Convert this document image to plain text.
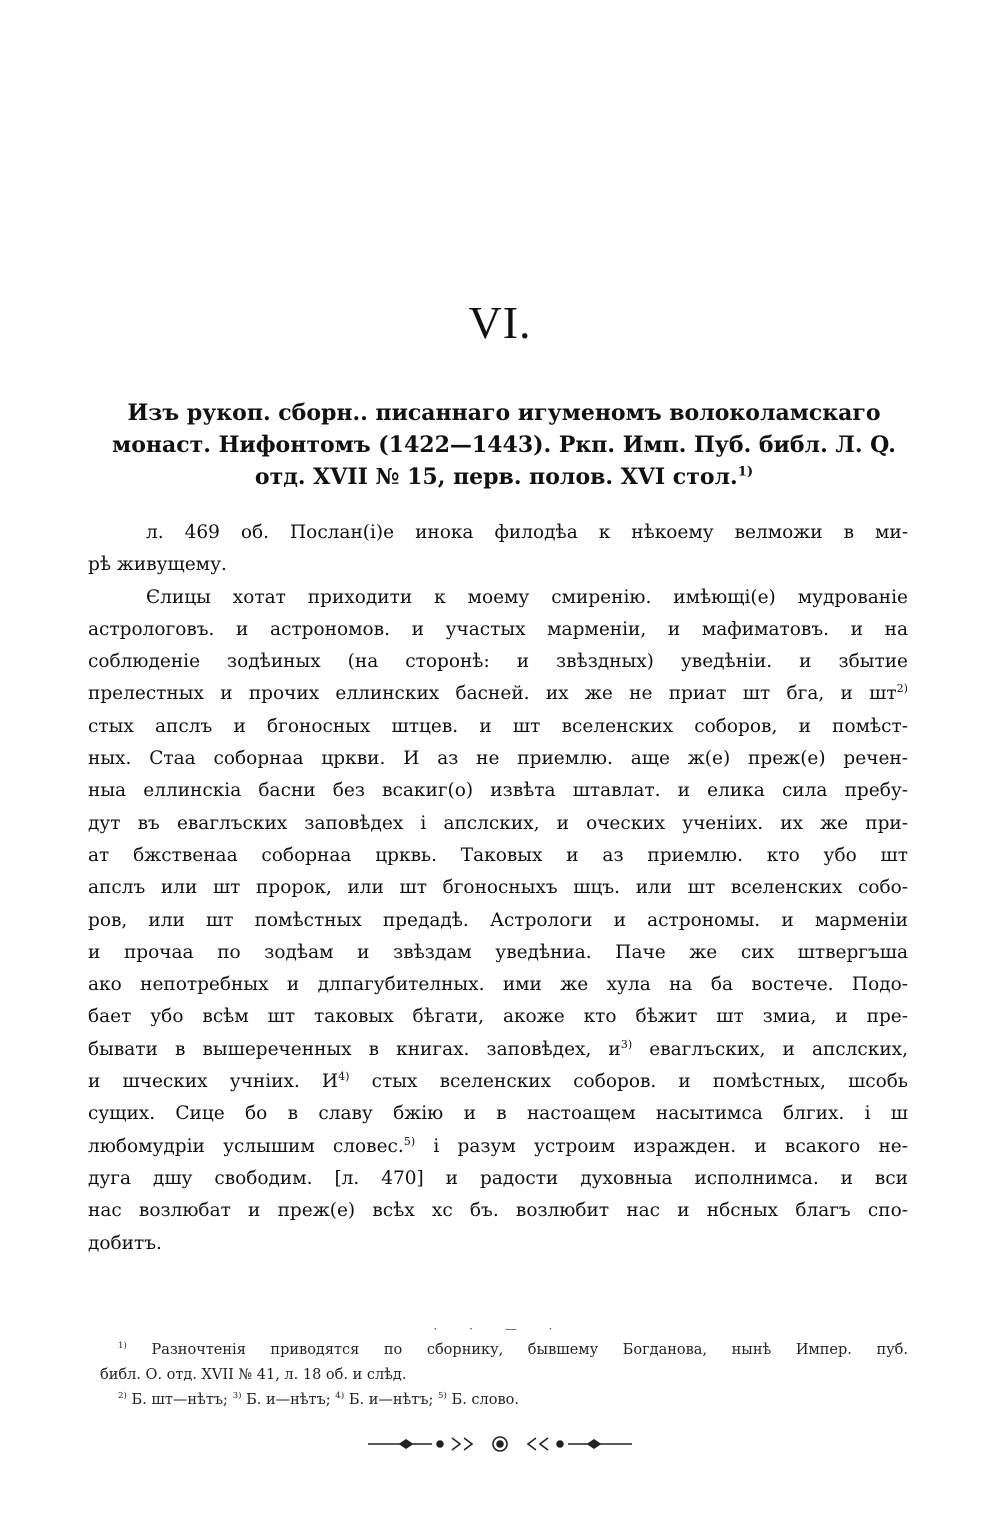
VI.
Изъ рукоп. сборн.. писаннаго игуменомъ волоколамскаго
монаст. Нифонтомъ (1422—1443). Ркп. Имп. Пуб. библ. Л. Q.
отд. XVII № 15, перв. полов. XVI стол.$^{1)}$
л. 469 об. Послан(і)е инока филодѣа к нѣкоему велможи в ми-
рѣ живущему.
Єлицы хотат приходити к моему смиренію. имѣющі(е) мудрованіе
астрологовъ. и астрономов. и участых марменіи, и мафиматовъ. и на
соблюденіе зодѣиных (на сторонѣ: и звѣздных) уведѣніи. и збытие
прелестных и прочих еллинских басней. их же не приат шт бга, и $шт^{2)}$
стых апслъ и бгоносных штцев. и шт вселенских соборов, и помѣст-
ных. Стаа соборнаа цркви. И аз не приемлю. аще ж(е) преж(е) речен-
ныа еллинскіа басни без всакиг(о) извѣта штавлат. и елика сила пребу-
дут въ еваглъских заповѣдех і апслских, и оческих ученіих. их же при-
ат бжственаа соборнаа црквь. Таковых и аз приемлю. кто убо шт
апслъ или шт пророк, или шт бгоносныхъ шцъ. или шт вселенских собо-
ров, или шт помѣстных предадѣ. Астрологи и астрономы. и марменіи
и прочаа по зодѣам и звѣздам уведѣниа. Паче же сих штвергъша
ако непотребных и длпагубителных. ими же хула на ба востече. Подо-
бает убо всѣм шт таковых бѣгати, акоже кто бѣжит шт змиа, и пре-
бывати в вышереченных в книгах. заповѣдех, $и^{3)}$ еваглъских, и апслских,
и шческих учніих. $И^{4)}$ стых вселенских соборов. и помѣстных, шсобь
сущих. Сице бо в славу бжію и в настоащем насытимса блгих. і ш
любомудріи услышим словес.$^{5)}$ і разум устроим изражден. и всакого не-
дуга дшу свободим. [л. 470] и радости духовныа исполнимса. и вси
нас возлюбат и преж(е) всѣх хс бъ. возлюбит нас и нбсных благъ спо-
добитъ.
· · — ·
$^{1)}$ Разночтенія приводятся по сборнику, бывшему Богданова, нынѣ Импер. пуб.
библ. О. отд. XVII № 41, л. 18 об. и слѣд.
$^{2)}$ Б. шт—нѣтъ; $^{3)}$ Б. и—нѣтъ; $^{4)}$ Б. и—нѣтъ; $^{5)}$ Б. слово.
